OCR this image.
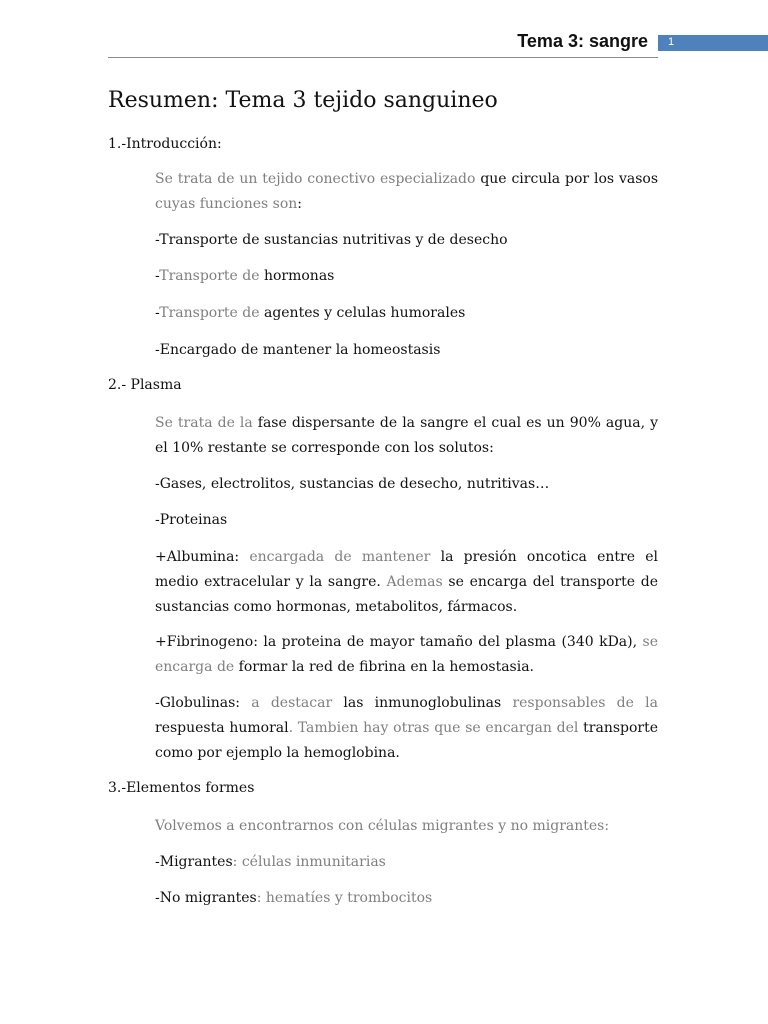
Tema 3: sangre 1
Resumen: Tema 3 tejido sanguineo
1.-Introducción:

Se trata de un tejido conectivo especializado que circula por los vasos cuyas funciones son:

-Transporte de sustancias nutritivas y de desecho

-Transporte de hormonas

-Transporte de agentes y celulas humorales

-Encargado de mantener la homeostasis

2.- Plasma

Se trata de la fase dispersante de la sangre el cual es un 90% agua, y el 10% restante se corresponde con los solutos:

-Gases, electrolitos, sustancias de desecho, nutritivas…

-Proteinas

+Albumina: encargada de mantener la presión oncotica entre el medio extracelular y la sangre. Ademas se encarga del transporte de sustancias como hormonas, metabolitos, fármacos.

+Fibrinogeno: la proteina de mayor tamaño del plasma (340 kDa), se encarga de formar la red de fibrina en la hemostasia.

-Globulinas: a destacar las inmunoglobulinas responsables de la respuesta humoral. Tambien hay otras que se encargan del transporte como por ejemplo la hemoglobina.

3.-Elementos formes

Volvemos a encontrarnos con células migrantes y no migrantes:

-Migrantes: células inmunitarias

-No migrantes: hematíes y trombocitos
